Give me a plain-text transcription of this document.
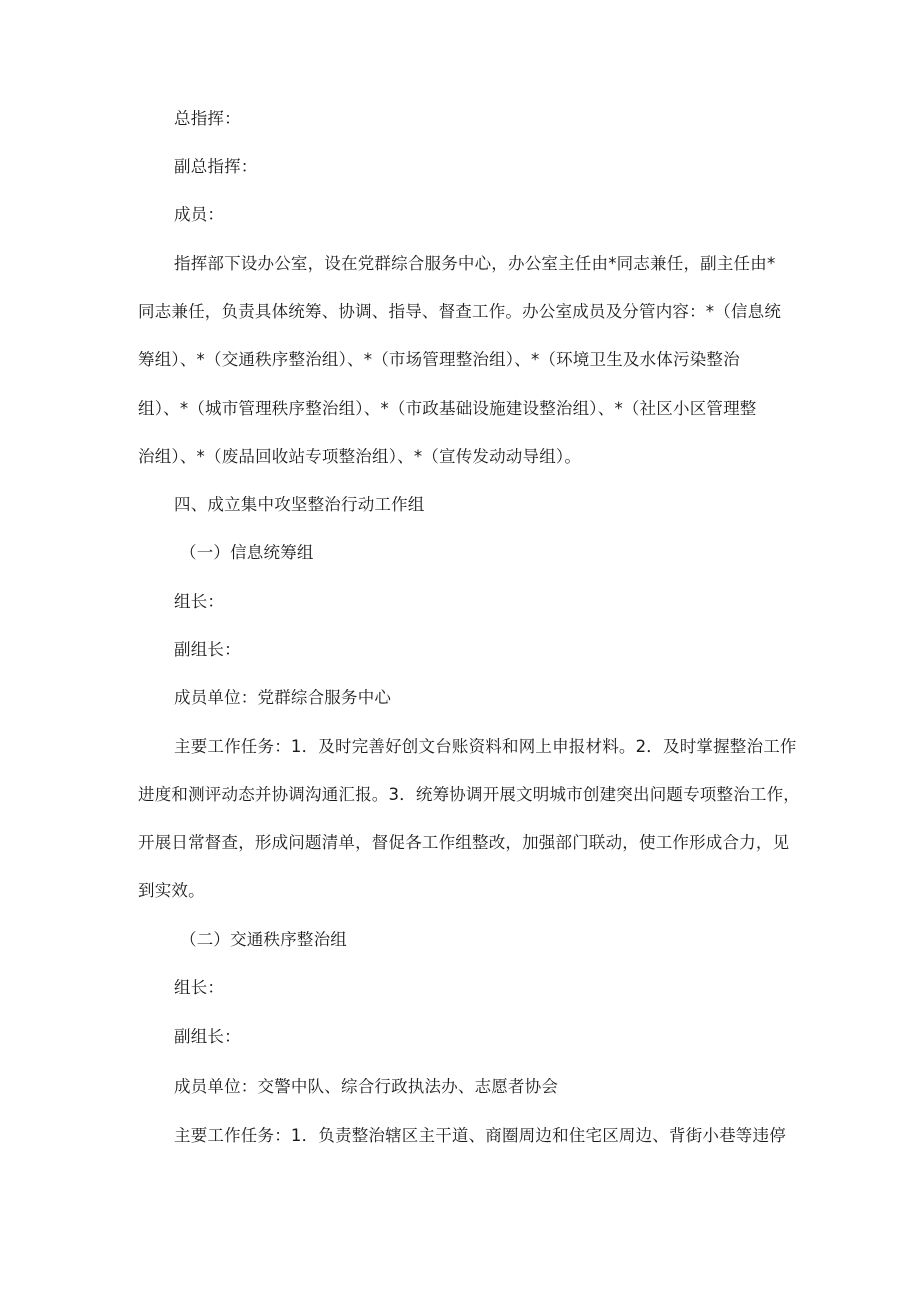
总指挥：
副总指挥：
成员：
指挥部下设办公室，设在党群综合服务中心，办公室主任由*同志兼任，副主任由*
同志兼任，负责具体统筹、协调、指导、督查工作。办公室成员及分管内容：*（信息统
筹组）、*（交通秩序整治组）、*（市场管理整治组）、*（环境卫生及水体污染整治
组）、*（城市管理秩序整治组）、*（市政基础设施建设整治组）、*（社区小区管理整
治组）、*（废品回收站专项整治组）、*（宣传发动动导组）。
四、成立集中攻坚整治行动工作组
（一）信息统筹组
组长：
副组长：
成员单位：党群综合服务中心
主要工作任务：1．及时完善好创文台账资料和网上申报材料。2．及时掌握整治工作
进度和测评动态并协调沟通汇报。3．统筹协调开展文明城市创建突出问题专项整治工作，
开展日常督查，形成问题清单，督促各工作组整改，加强部门联动，使工作形成合力，见
到实效。
（二）交通秩序整治组
组长：
副组长：
成员单位：交警中队、综合行政执法办、志愿者协会
主要工作任务：1．负责整治辖区主干道、商圈周边和住宅区周边、背街小巷等违停
